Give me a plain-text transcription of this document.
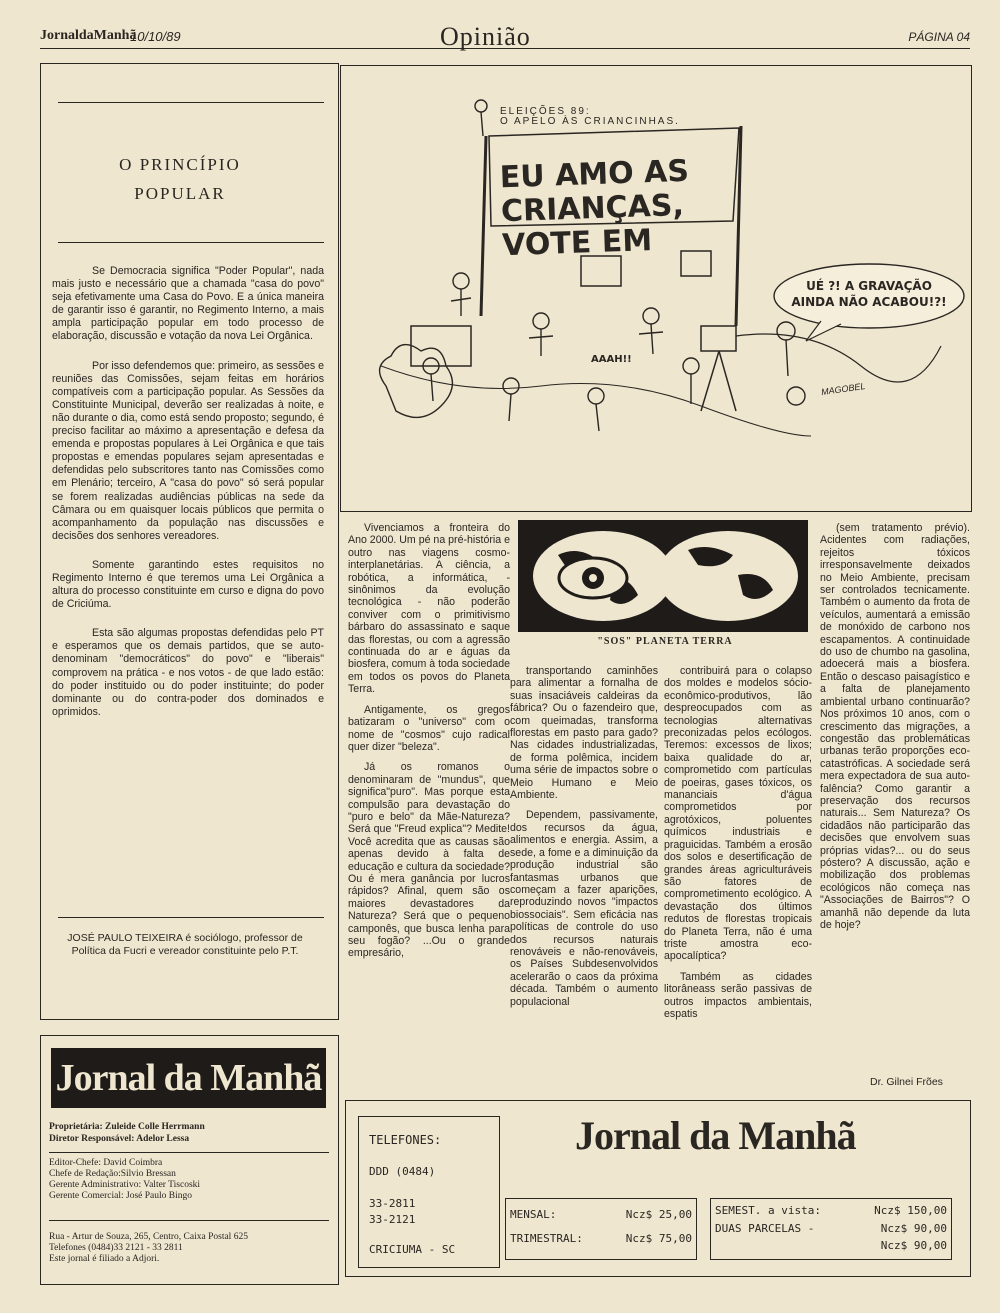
JornaldaManhã
10/10/89	Opinião	PÁGINA 04
O PRINCÍPIO
POPULAR

Se Democracia significa "Poder Popular", nada mais justo e necessário que a chamada "casa do povo" seja efetivamente uma Casa do Povo. E a única maneira de garantir isso é garantir, no Regimento Interno, a mais ampla participação popular em todo processo de elaboração, discussão e votação da nova Lei Orgânica.

Por isso defendemos que: primeiro, as sessões e reuniões das Comissões, sejam feitas em horários compatíveis com a participação popular. As Sessões da Constituinte Municipal, deverão ser realizadas à noite, e não durante o dia, como está sendo proposto; segundo, é preciso facilitar ao máximo a apresentação e defesa da emenda e propostas populares à Lei Orgânica e que tais propostas e emendas populares sejam apresentadas e defendidas pelo subscritores tanto nas Comissões como em Plenário; terceiro, A "casa do povo" só será popular se forem realizadas audiências públicas na sede da Câmara ou em quaisquer locais públicos que permita o acompanhamento da população nas discussões e decisões dos senhores vereadores.

Somente garantindo estes requisitos no Regimento Interno é que teremos uma Lei Orgânica a altura do processo constituinte em curso e digna do povo de Criciúma.

Esta são algumas propostas defendidas pelo PT e esperamos que os demais partidos, que se auto-denominam "democráticos" do povo" e "liberais" comprovem na prática - e nos votos - de que lado estão: do poder instituido ou do poder instituinte; do poder dominante ou do contra-poder dos dominados e oprimidos.

JOSÉ PAULO TEIXEIRA é sociólogo, professor de Política da Fucri e vereador constituinte pelo P.T.
EU AMO AS
CRIANÇAS,
VOTE EM
UÉ ?! A GRAVAÇÃO
AINDA NÃO ACABOU!?!
AAAH!!
MAGOBEL
ELEIÇÕES 89:
O APELO ÀS CRIANCINHAS.
"SOS" PLANETA TERRA

Vivenciamos a fronteira do Ano 2000. Um pé na pré-história e outro nas viagens cosmo-interplanetárias. A ciência, a robótica, a informática, - sinônimos da evolução tecnológica - não poderão conviver com o primitivismo bárbaro do assassinato e saque das florestas, ou com a agressão continuada do ar e águas da biosfera, comum à toda sociedade em todos os povos do Planeta Terra.

Antigamente, os gregos batizaram o "universo" com o nome de "cosmos" cujo radical quer dizer "beleza".

Já os romanos o denominaram de "mundus", que significa"puro". Mas porque esta compulsão para devastação do "puro e belo" da Mãe-Natureza? Será que "Freud explica"? Medite! Você acredita que as causas são apenas devido à falta de educação e cultura da sociedade? Ou é mera ganância por lucros rápidos? Afinal, quem são os maiores devastadores da Natureza? Será que o pequeno camponês, que busca lenha para seu fogão? ...Ou o grande empresário,

transportando caminhões para alimentar a fornalha de suas insaciáveis caldeiras da fábrica? Ou o fazendeiro que, com queimadas, transforma florestas em pasto para gado? Nas cidades industrializadas, de forma polêmica, incidem uma série de impactos sobre o Meio Humano e Meio Ambiente.

Dependem, passivamente, dos recursos da água, alimentos e energia. Assim, a sede, a fome e a diminuição da produção industrial são fantasmas urbanos que começam a fazer aparições, reproduzindo novos "impactos biossociais". Sem eficácia nas políticas de controle do uso dos recursos naturais renováveis e não-renováveis, os Países Subdesenvolvidos acelerarão o caos da próxima década. Também o aumento populacional

contribuirá para o colapso dos moldes e modelos sócio-econômico-produtivos, lão despreocupados com as tecnologias alternativas preconizadas pelos ecólogos. Teremos: excessos de lixos; baixa qualidade do ar, comprometido com partículas de poeiras, gases tóxicos, os mananciais d'água comprometidos por agrotóxicos, poluentes químicos industriais e praguicidas. Também a erosão dos solos e desertificação de grandes áreas agriculturáveis são fatores de comprometimento ecológico. A devastação dos últimos redutos de florestas tropicais do Planeta Terra, não é uma triste amostra eco-apocalíptica?

Também as cidades litorâneass serão passivas de outros impactos ambientais, espatis

(sem tratamento prévio). Acidentes com radiações, rejeitos tóxicos irresponsavelmente deixados no Meio Ambiente, precisam ser controlados tecnicamente. Também o aumento da frota de veículos, aumentará a emissão de monóxido de carbono nos escapamentos. A continuidade do uso de chumbo na gasolina, adoecerá mais a biosfera. Então o descaso paisagístico e a falta de planejamento ambiental urbano continuarão? Nos próximos 10 anos, com o crescimento das migrações, a congestão das problemáticas urbanas terão proporções eco-catastróficas. A sociedade será mera expectadora de sua auto-falência? Como garantir a preservação dos recursos naturais... Sem Natureza? Os cidadãos não participarão das decisões que envolvem suas próprias vidas?... ou do seus póstero? A discussão, ação e mobilização dos problemas ecológicos não começa nas "Associações de Bairros"? O amanhã não depende da luta de hoje?

Dr. Gilnei Frões
Jornal da Manhã
Proprietária: Zuleide Colle Herrmann
Diretor Responsável: Adelor Lessa
Editor-Chefe: David Coimbra
Chefe de Redação:Silvio Bressan
Gerente Administrativo: Valter Tiscoski
Gerente Comercial: José Paulo Bingo
Rua - Artur de Souza, 265, Centro, Caixa Postal 625
Telefones (0484)33 2121 - 33 2811
Este jornal é filiado a Adjori.
TELEFONES:
DDD (0484)
33-2811
33-2121
CRICIUMA - SC
Jornal da Manhã
MENSAL:	Ncz$ 25,00
TRIMESTRAL:	Ncz$ 75,00
SEMEST. a vista:	Ncz$ 150,00
DUAS PARCELAS -	Ncz$ 90,00
Ncz$ 90,00
